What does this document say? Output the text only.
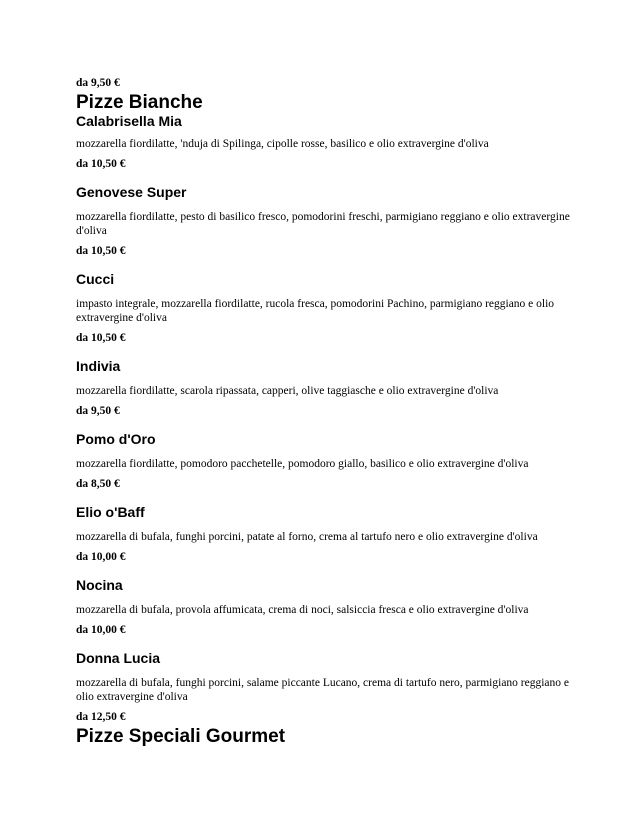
da 9,50 €
Pizze Bianche
Calabrisella Mia

mozzarella fiordilatte, 'nduja di Spilinga, cipolle rosse, basilico e olio extravergine d'oliva

da 10,50 €
Genovese Super

mozzarella fiordilatte, pesto di basilico fresco, pomodorini freschi, parmigiano reggiano e olio extravergine d'oliva

da 10,50 €
Cucci

impasto integrale, mozzarella fiordilatte, rucola fresca, pomodorini Pachino, parmigiano reggiano e olio extravergine d'oliva

da 10,50 €
Indivia

mozzarella fiordilatte, scarola ripassata, capperi, olive taggiasche e olio extravergine d'oliva

da 9,50 €
Pomo d'Oro

mozzarella fiordilatte, pomodoro pacchetelle, pomodoro giallo, basilico e olio extravergine d'oliva

da 8,50 €
Elio o'Baff

mozzarella di bufala, funghi porcini, patate al forno, crema al tartufo nero e olio extravergine d'oliva

da 10,00 €
Nocina

mozzarella di bufala, provola affumicata, crema di noci, salsiccia fresca e olio extravergine d'oliva

da 10,00 €
Donna Lucia

mozzarella di bufala, funghi porcini, salame piccante Lucano, crema di tartufo nero, parmigiano reggiano e olio extravergine d'oliva

da 12,50 €
Pizze Speciali Gourmet
